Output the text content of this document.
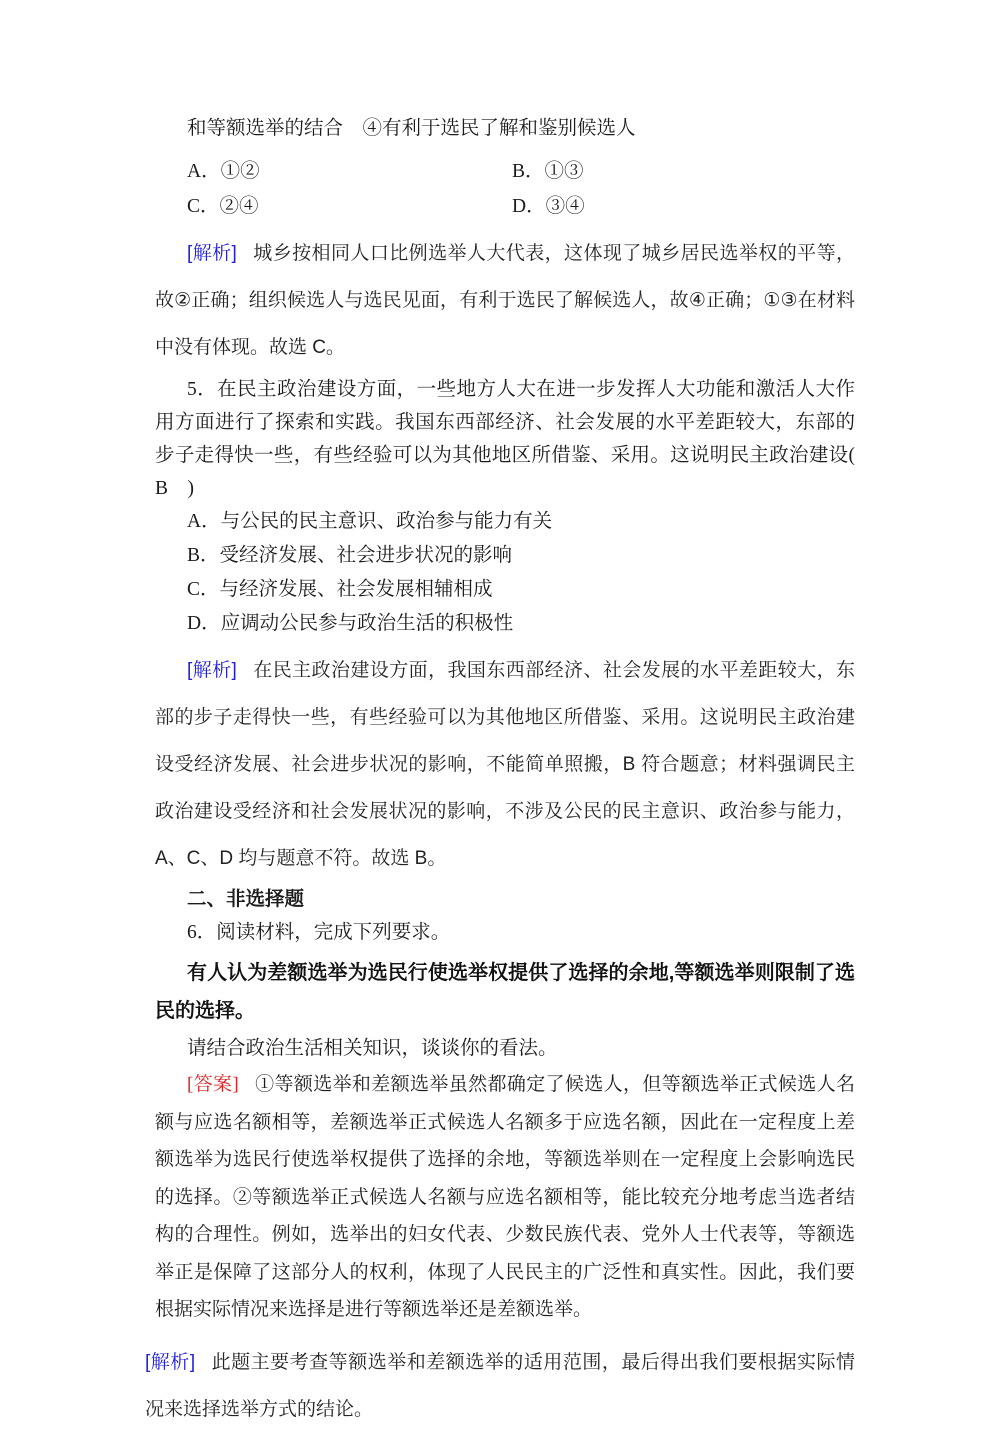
和等额选举的结合　④有利于选民了解和鉴别候选人

A．①②	B．①③
C．②④	D．③④

[解析] 城乡按相同人口比例选举人大代表，这体现了城乡居民选举权的平等，故②正确；组织候选人与选民见面，有利于选民了解候选人，故④正确；①③在材料中没有体现。故选 C。

5．在民主政治建设方面，一些地方人大在进一步发挥人大功能和激活人大作用方面进行了探索和实践。我国东西部经济、社会发展的水平差距较大，东部的步子走得快一些，有些经验可以为其他地区所借鉴、采用。这说明民主政治建设(　B　)

A．与公民的民主意识、政治参与能力有关

B．受经济发展、社会进步状况的影响

C．与经济发展、社会发展相辅相成

D．应调动公民参与政治生活的积极性

[解析] 在民主政治建设方面，我国东西部经济、社会发展的水平差距较大，东部的步子走得快一些，有些经验可以为其他地区所借鉴、采用。这说明民主政治建设受经济发展、社会进步状况的影响，不能简单照搬，B 符合题意；材料强调民主政治建设受经济和社会发展状况的影响，不涉及公民的民主意识、政治参与能力，A、C、D 均与题意不符。故选 B。

二、非选择题

6．阅读材料，完成下列要求。

有人认为差额选举为选民行使选举权提供了选择的余地,等额选举则限制了选民的选择。

请结合政治生活相关知识，谈谈你的看法。

[答案] ①等额选举和差额选举虽然都确定了候选人，但等额选举正式候选人名额与应选名额相等，差额选举正式候选人名额多于应选名额，因此在一定程度上差额选举为选民行使选举权提供了选择的余地，等额选举则在一定程度上会影响选民的选择。②等额选举正式候选人名额与应选名额相等，能比较充分地考虑当选者结构的合理性。例如，选举出的妇女代表、少数民族代表、党外人士代表等，等额选举正是保障了这部分人的权利，体现了人民民主的广泛性和真实性。因此，我们要根据实际情况来选择是进行等额选举还是差额选举。

[解析] 此题主要考查等额选举和差额选举的适用范围，最后得出我们要根据实际情况来选择选举方式的结论。
